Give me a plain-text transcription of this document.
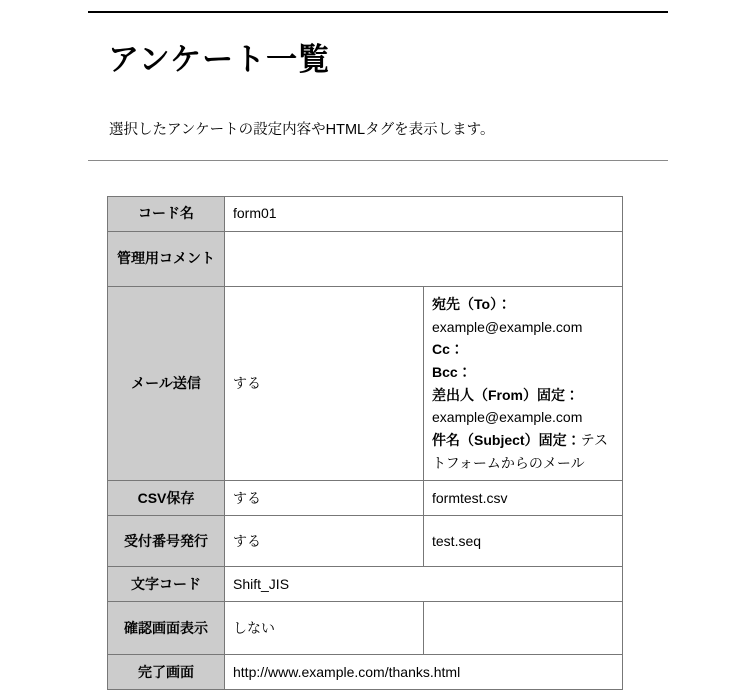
アンケート一覧
選択したアンケートの設定内容やHTMLタグを表示します。
コード名	form01	
管理用コメント		
メール送信	する	宛先（To）：example@example.com
Cc：
Bcc：
差出人（From）固定：example@example.com
件名（Subject）固定：テストフォームからのメール

CSV保存	する	formtest.csv
受付番号発行	する	test.seq
文字コード	Shift_JIS	
確認画面表示	しない	
完了画面	http://www.example.com/thanks.html	
